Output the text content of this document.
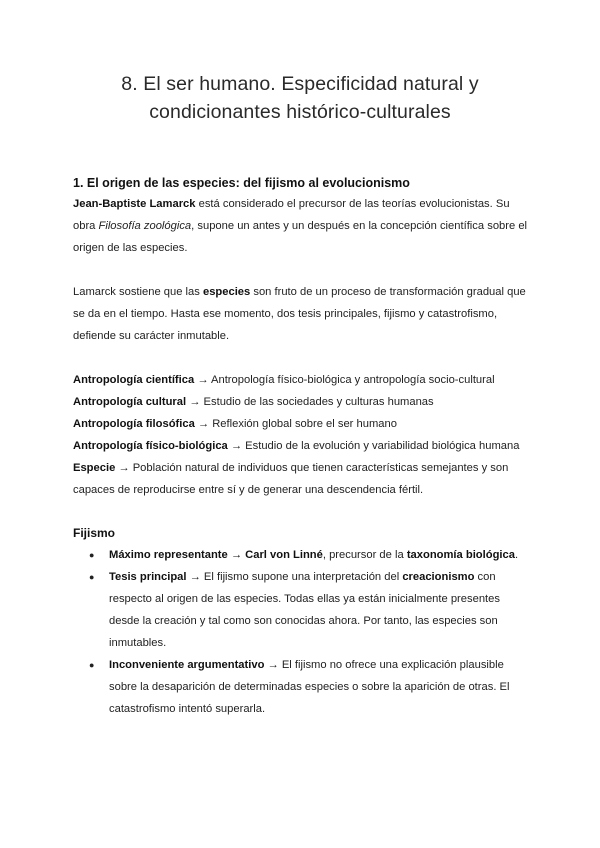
8. El ser humano. Especificidad natural y
condicionantes histórico-culturales
1. El origen de las especies: del fijismo al evolucionismo

Jean-Baptiste Lamarck está considerado el precursor de las teorías evolucionistas. Su obra Filosofía zoológica, supone un antes y un después en la concepción científica sobre el origen de las especies.

Lamarck sostiene que las especies son fruto de un proceso de transformación gradual que se da en el tiempo. Hasta ese momento, dos tesis principales, fijismo y catastrofismo, defiende su carácter inmutable.

Antropología científica → Antropología físico-biológica y antropología socio-cultural

Antropología cultural → Estudio de las sociedades y culturas humanas

Antropología filosófica → Reflexión global sobre el ser humano

Antropología físico-biológica → Estudio de la evolución y variabilidad biológica humana

Especie → Población natural de individuos que tienen características semejantes y son capaces de reproducirse entre sí y de generar una descendencia fértil.

Fijismo
● Máximo representante → Carl von Linné, precursor de la taxonomía biológica.
● Tesis principal → El fijismo supone una interpretación del creacionismo con respecto al origen de las especies. Todas ellas ya están inicialmente presentes desde la creación y tal como son conocidas ahora. Por tanto, las especies son inmutables.
● Inconveniente argumentativo → El fijismo no ofrece una explicación plausible sobre la desaparición de determinadas especies o sobre la aparición de otras. El catastrofismo intentó superarla.
